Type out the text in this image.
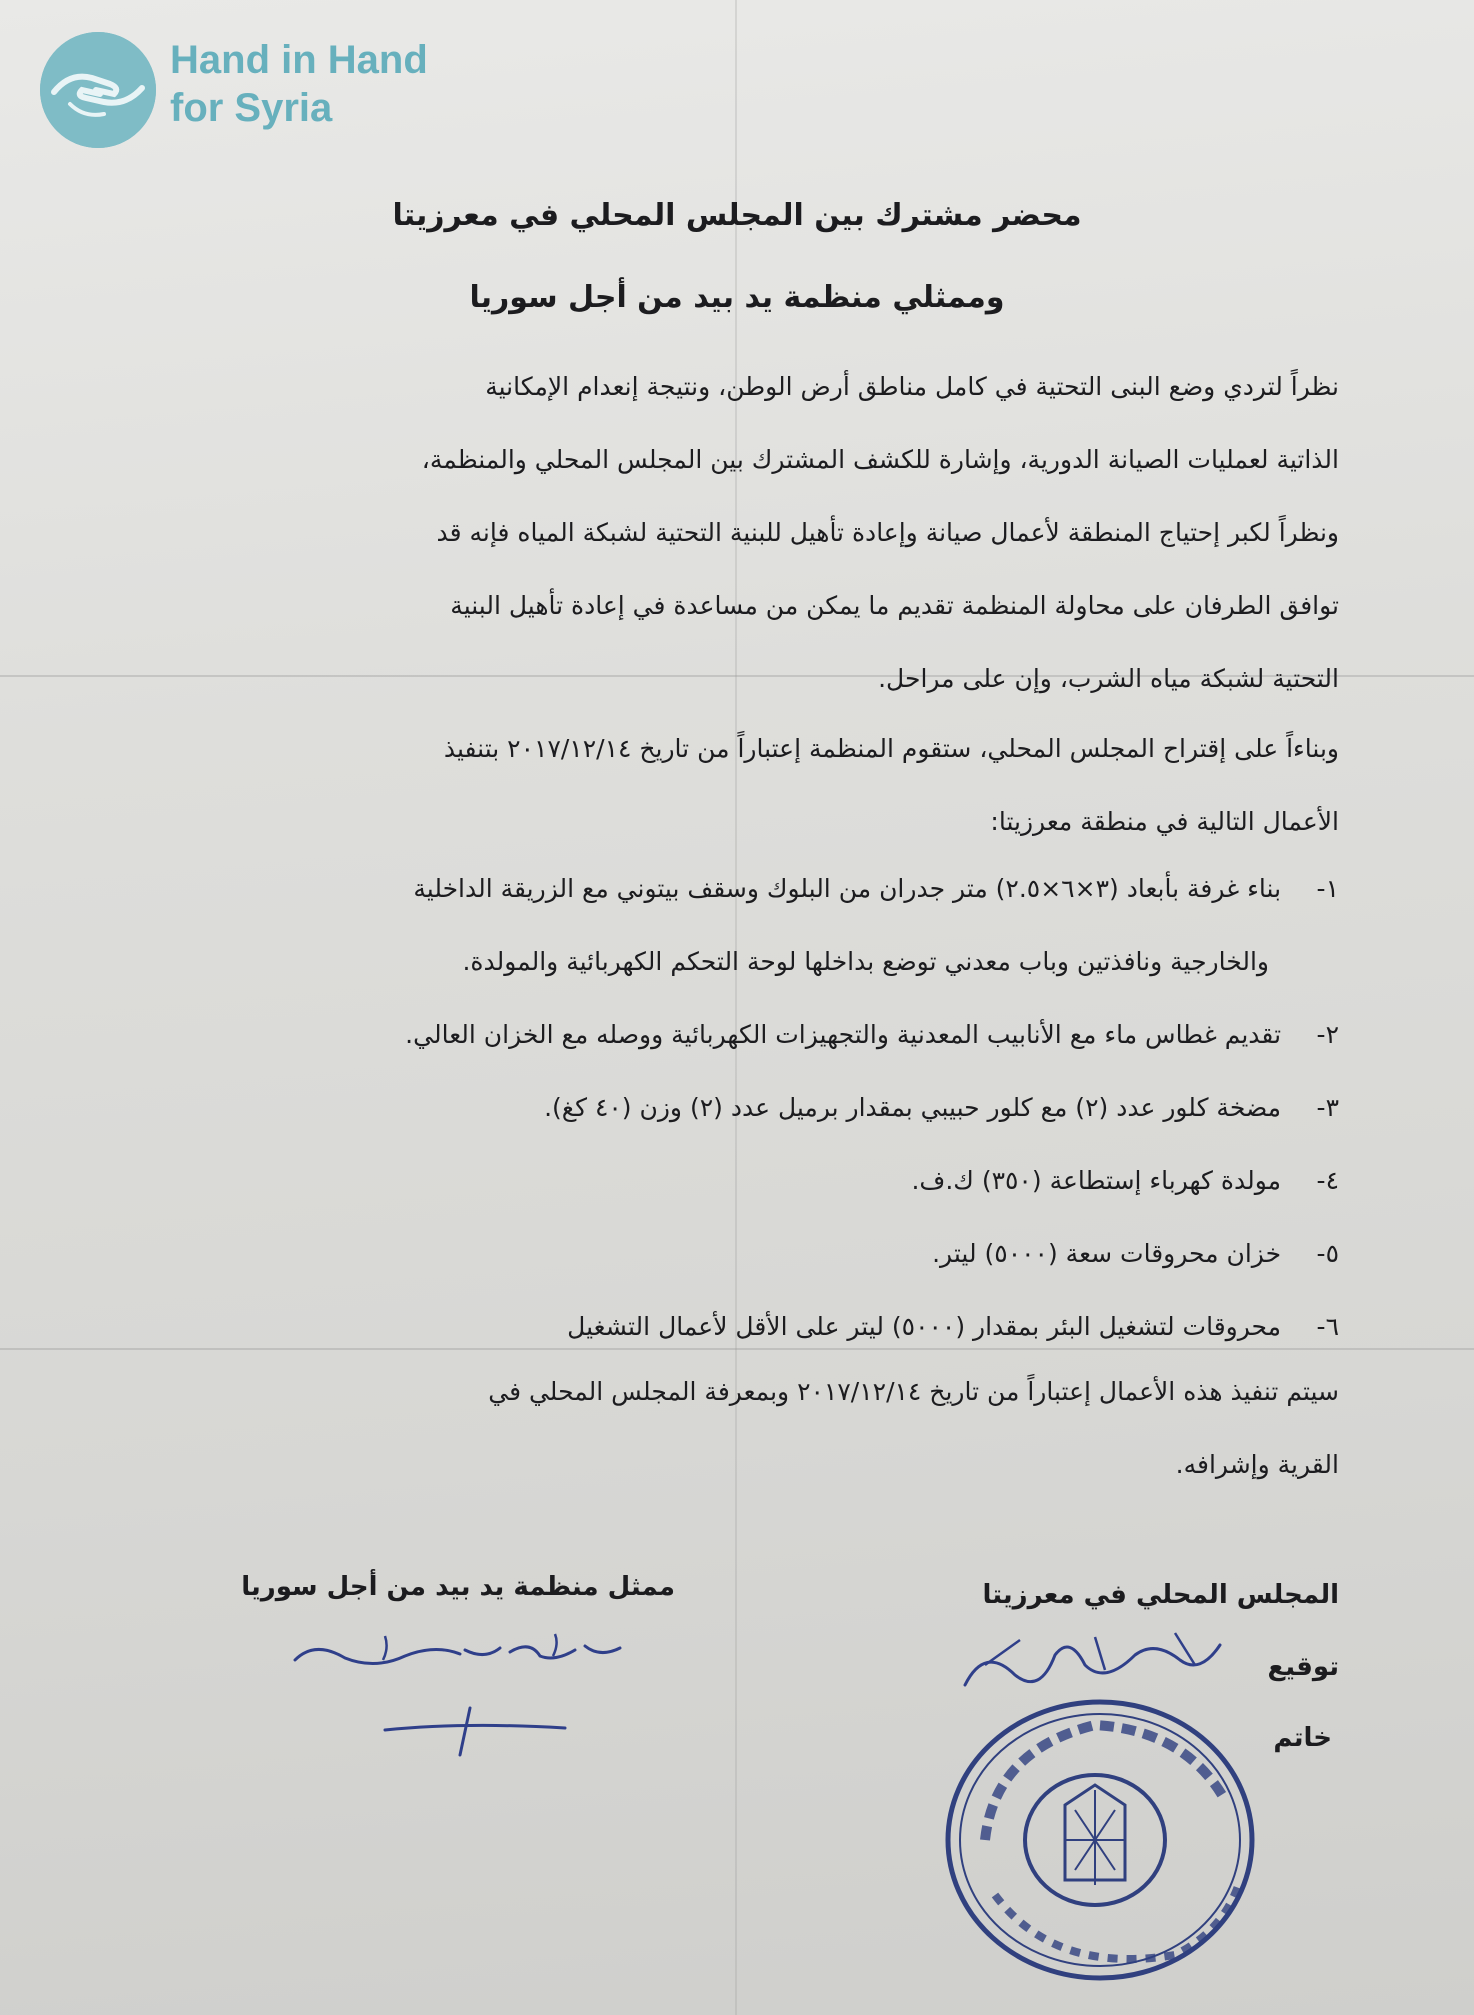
Hand in Hand
for Syria
محضر مشترك بين المجلس المحلي في معرزيتا
وممثلي منظمة يد بيد من أجل سوريا
نظراً لتردي وضع البنى التحتية في كامل مناطق أرض الوطن، ونتيجة إنعدام الإمكانية
الذاتية لعمليات الصيانة الدورية، وإشارة للكشف المشترك بين المجلس المحلي والمنظمة،
ونظراً لكبر إحتياج المنطقة لأعمال صيانة وإعادة تأهيل للبنية التحتية لشبكة المياه فإنه قد
توافق الطرفان على محاولة المنظمة تقديم ما يمكن من مساعدة في إعادة تأهيل البنية
التحتية لشبكة مياه الشرب، وإن على مراحل.
وبناءاً على إقتراح المجلس المحلي، ستقوم المنظمة إعتباراً من تاريخ ٢٠١٧/١٢/١٤ بتنفيذ
الأعمال التالية في منطقة معرزيتا:
١- بناء غرفة بأبعاد (٣×٦×٢.٥) متر جدران من البلوك وسقف بيتوني مع الزريقة الداخلية
والخارجية ونافذتين وباب معدني توضع بداخلها لوحة التحكم الكهربائية والمولدة.
٢- تقديم غطاس ماء مع الأنابيب المعدنية والتجهيزات الكهربائية ووصله مع الخزان العالي.
٣- مضخة كلور عدد (٢) مع كلور حبيبي بمقدار برميل عدد (٢) وزن (٤٠ كغ).
٤- مولدة كهرباء إستطاعة (٣٥٠) ك.ف.
٥- خزان محروقات سعة (٥٠٠٠) ليتر.
٦- محروقات لتشغيل البئر بمقدار (٥٠٠٠) ليتر على الأقل لأعمال التشغيل
سيتم تنفيذ هذه الأعمال إعتباراً من تاريخ ٢٠١٧/١٢/١٤ وبمعرفة المجلس المحلي في
القرية وإشرافه.
ممثل منظمة يد بيد من أجل سوريا	المجلس المحلي في معرزيتا
توقيع
خاتم
